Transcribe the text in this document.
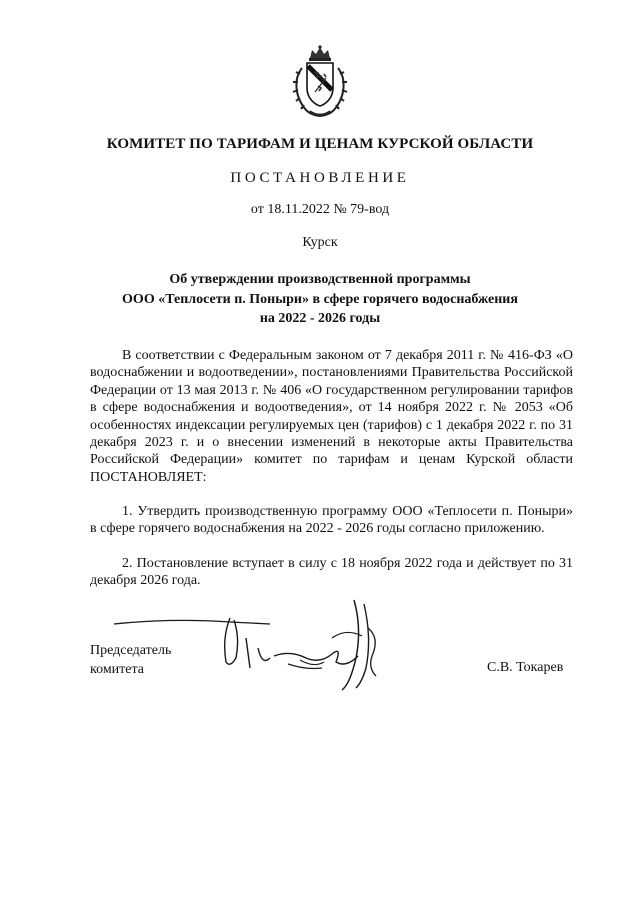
КОМИТЕТ ПО ТАРИФАМ И ЦЕНАМ КУРСКОЙ ОБЛАСТИ
ПОСТАНОВЛЕНИЕ
от 18.11.2022 № 79-вод
Курск
Об утверждении производственной программы
ООО «Теплосети п. Поныри» в сфере горячего водоснабжения
на 2022 - 2026 годы

В соответствии с Федеральным законом от 7 декабря 2011 г. № 416-ФЗ «О водоснабжении и водоотведении», постановлениями Правительства Российской Федерации от 13 мая 2013 г. № 406 «О государственном регулировании тарифов в сфере водоснабжения и водоотведения», от 14 ноября 2022 г. № 2053 «Об особенностях индексации регулируемых цен (тарифов) с 1 декабря 2022 г. по 31 декабря 2023 г. и о внесении изменений в некоторые акты Правительства Российской Федерации» комитет по тарифам и ценам Курской области ПОСТАНОВЛЯЕТ:

1. Утвердить производственную программу ООО «Теплосети п. Поныри» в сфере горячего водоснабжения на 2022 - 2026 годы согласно приложению.

2. Постановление вступает в силу с 18 ноября 2022 года и действует по 31 декабря 2026 года.

Председатель
комитета	С.В. Токарев
